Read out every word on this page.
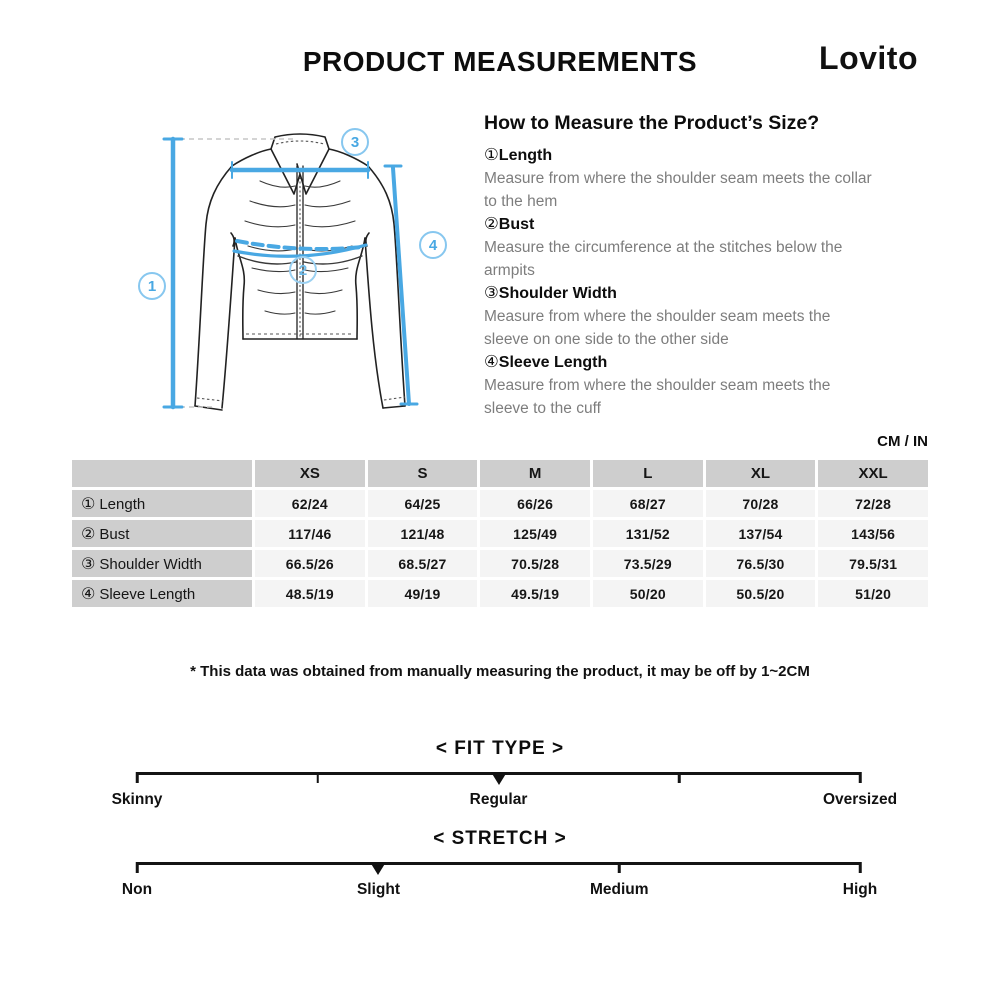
PRODUCT MEASUREMENTS	Lovito
1
2
3
4
How to Measure the Product’s Size?
①Length
Measure from where the shoulder seam meets the collar to the hem
②Bust
Measure the circumference at the stitches below the armpits
③Shoulder Width
Measure from where the shoulder seam meets the sleeve on one side to the other side
④Sleeve Length
Measure from where the shoulder seam meets the sleeve to the cuff
CM / IN
	XS	S	M	L	XL	XXL
① Length	62/24	64/25	66/26	68/27	70/28	72/28
② Bust	117/46	121/48	125/49	131/52	137/54	143/56
③ Shoulder Width	66.5/26	68.5/27	70.5/28	73.5/29	76.5/30	79.5/31
④ Sleeve Length	48.5/19	49/19	49.5/19	50/20	50.5/20	51/20
* This data was obtained from manually measuring the product, it may be off by 1~2CM
< FIT TYPE >
Skinny	Regular	Oversized
< STRETCH >
Non	Slight	Medium	High
